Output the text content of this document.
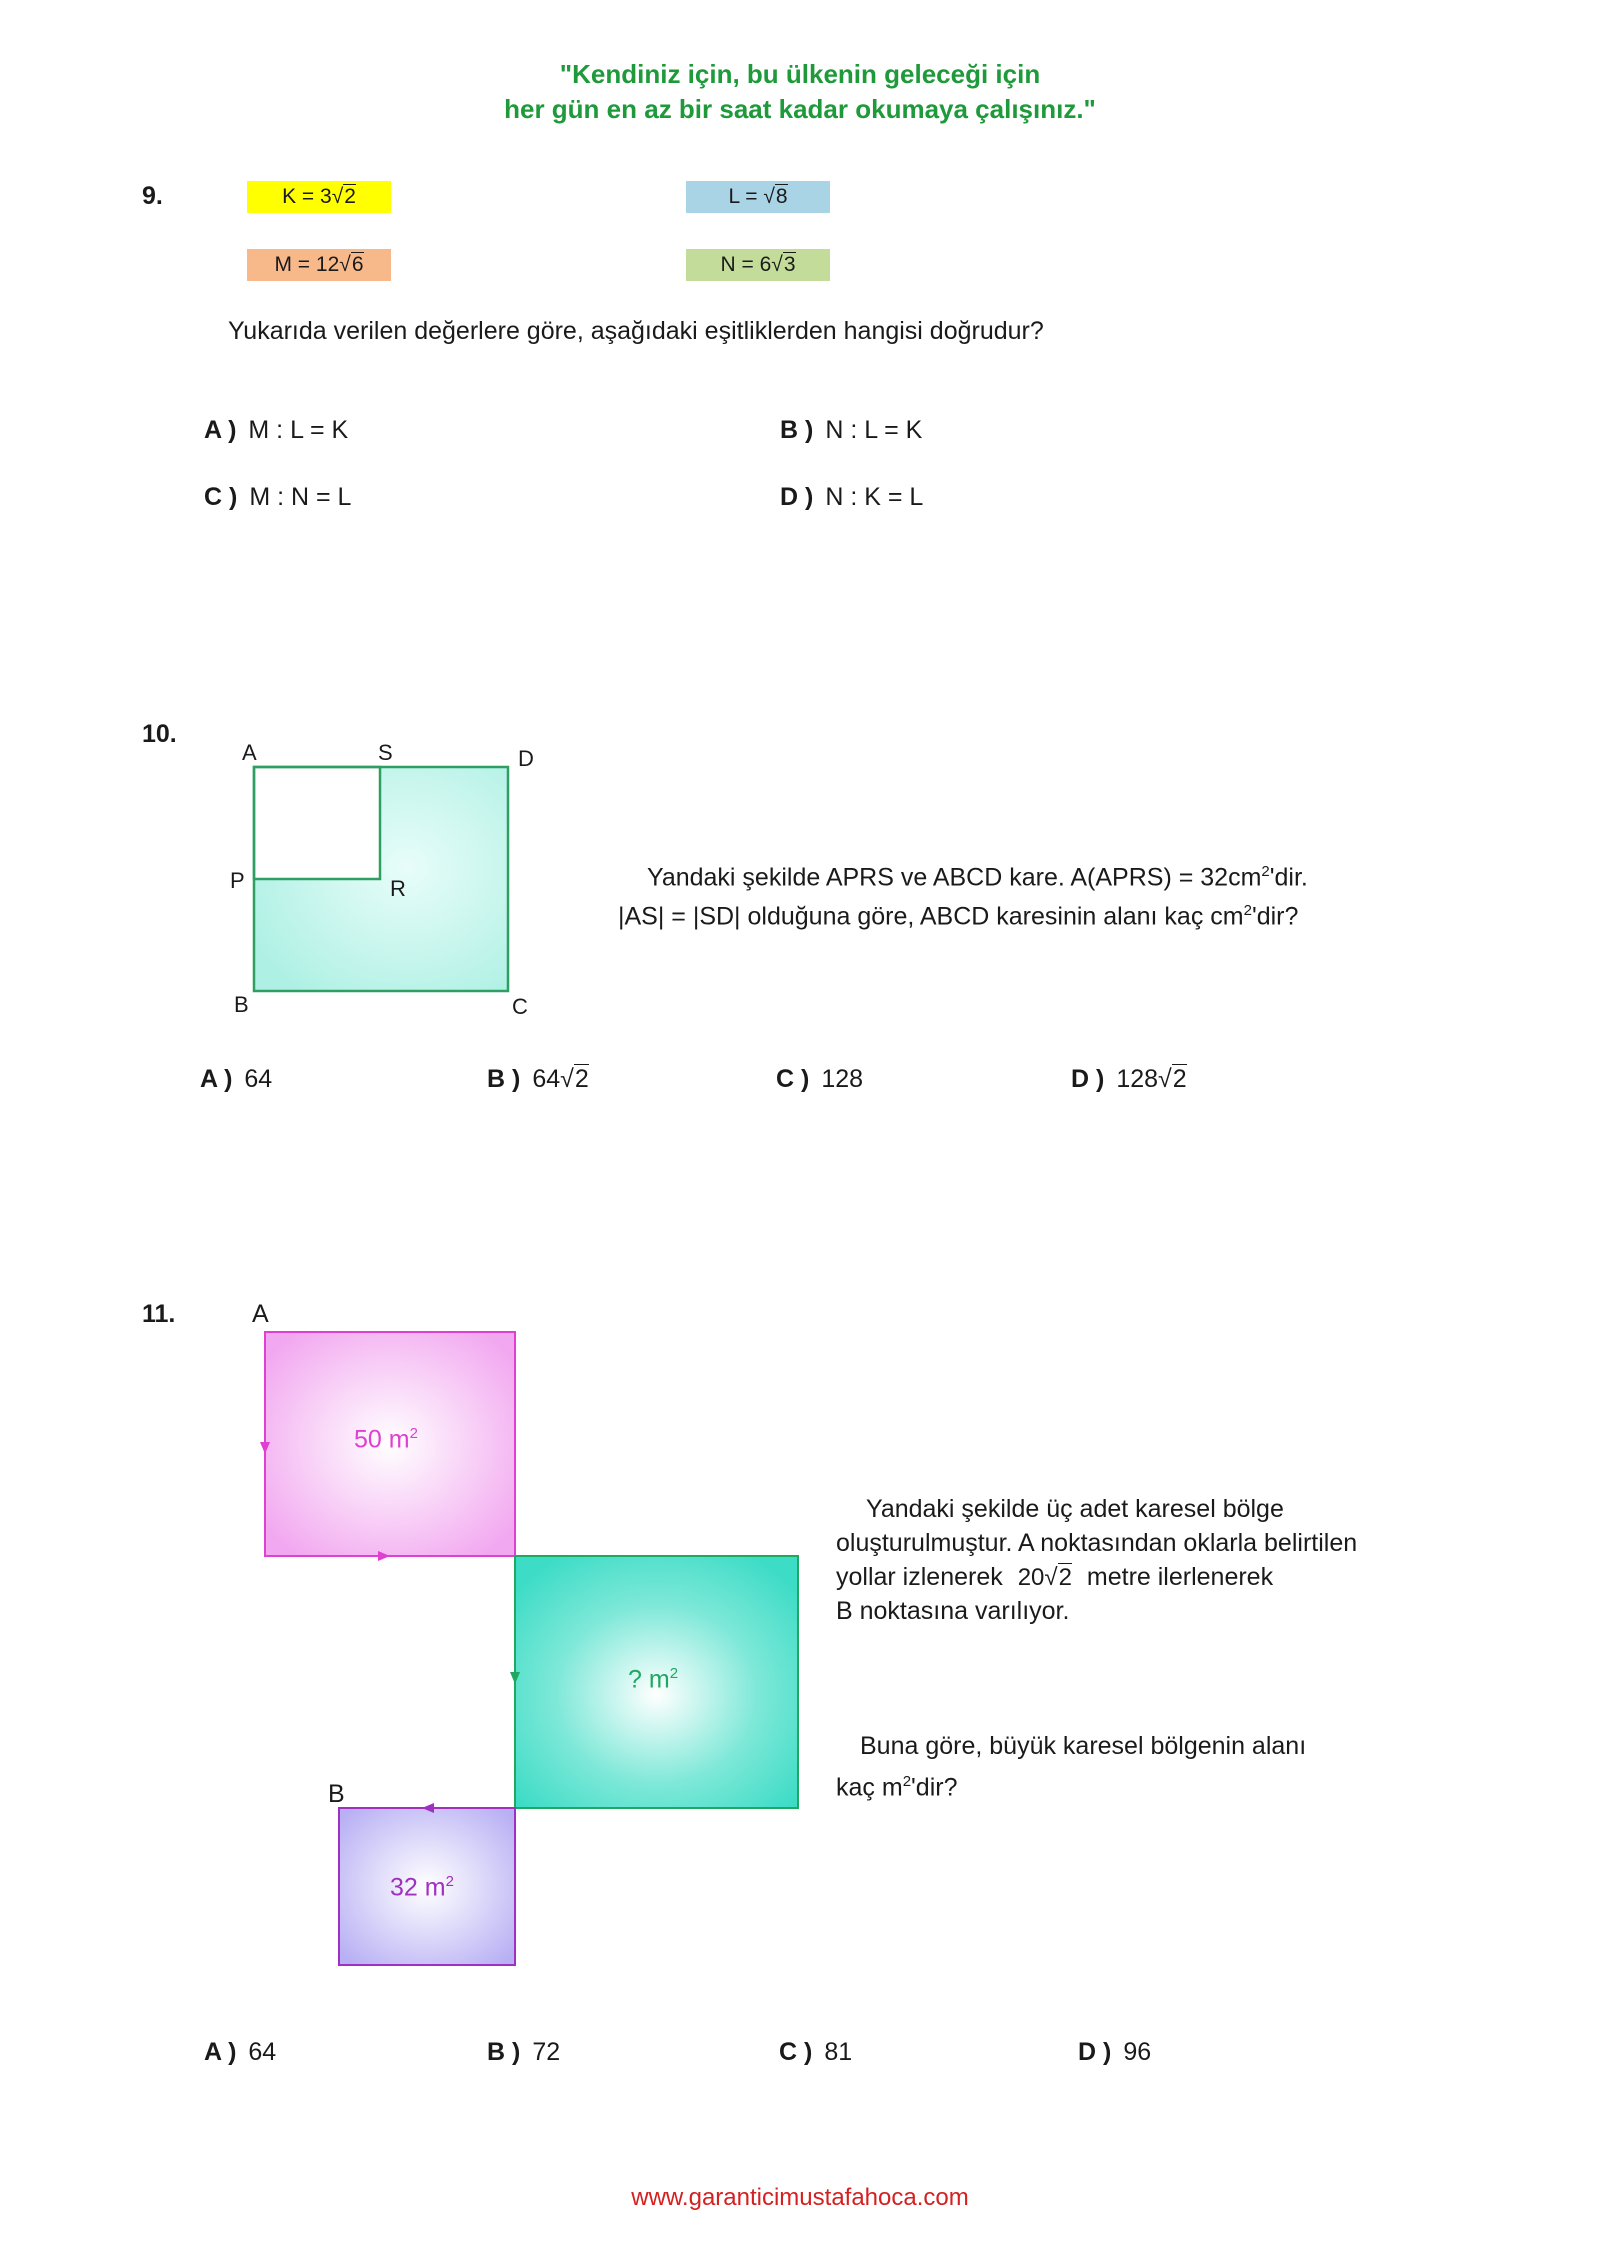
"Kendiniz için, bu ülkenin geleceği için
her gün en az bir saat kadar okumaya çalışınız."
9.	K = 3√2	L = √8
M = 12√6	N = 6√3
Yukarıda verilen değerlere göre, aşağıdaki eşitliklerden hangisi doğrudur?
A ) M : L = K	B ) N : L = K
C ) M : N = L	D ) N : K = L
10.
A	S	D
P	R
B	C
Yandaki şekilde APRS ve ABCD kare. A(APRS) = $32cm^2'dir$.
|AS| = |SD| olduğuna göre, ABCD karesinin alanı kaç $cm^2'dir$?
A ) 64	B ) 64√2	C ) 128	D ) 128√2
11.	A
B
50 $m^2$
? $m^2$
32 $m^2$
Yandaki şekilde üç adet karesel bölge
oluşturulmuştur. A noktasından oklarla belirtilen
yollar izlenerek 20√2 metre ilerlenerek
B noktasına varılıyor.
Buna göre, büyük karesel bölgenin alanı
kaç $m^2'dir$?
A ) 64	B ) 72	C ) 81	D ) 96
www.garanticimustafahoca.com
